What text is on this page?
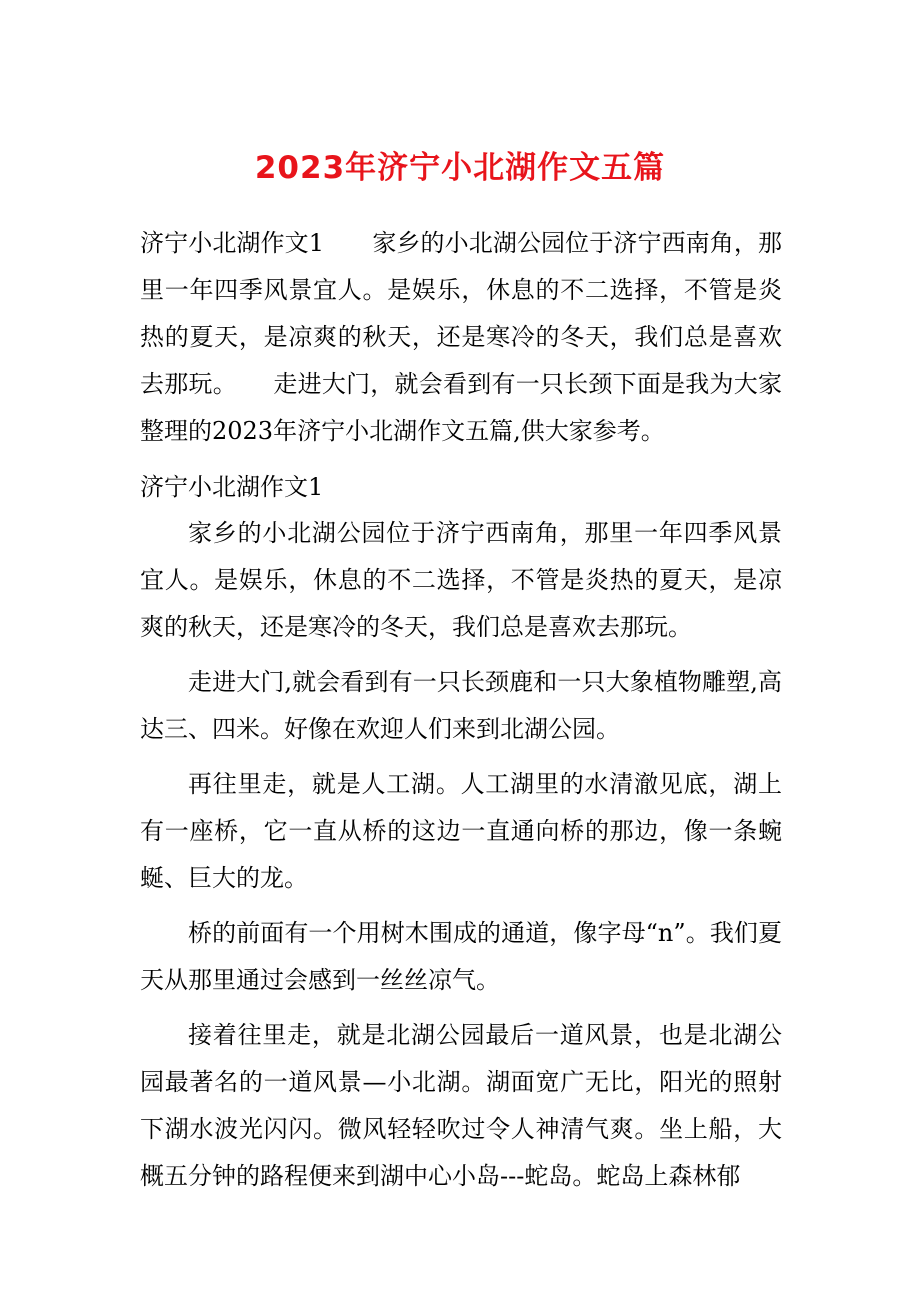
2023年济宁小北湖作文五篇
济宁小北湖作文1　　家乡的小北湖公园位于济宁西南角，那里一年四季风景宜人。是娱乐，休息的不二选择，不管是炎热的夏天，是凉爽的秋天，还是寒冷的冬天，我们总是喜欢去那玩。　　走进大门，就会看到有一只长颈下面是我为大家整理的2023年济宁小北湖作文五篇,供大家参考。
济宁小北湖作文1

家乡的小北湖公园位于济宁西南角，那里一年四季风景宜人。是娱乐，休息的不二选择，不管是炎热的夏天，是凉爽的秋天，还是寒冷的冬天，我们总是喜欢去那玩。

走进大门,就会看到有一只长颈鹿和一只大象植物雕塑,高达三、四米。好像在欢迎人们来到北湖公园。

再往里走，就是人工湖。人工湖里的水清澈见底，湖上有一座桥，它一直从桥的这边一直通向桥的那边，像一条蜿蜒、巨大的龙。

桥的前面有一个用树木围成的通道，像字母“n”。我们夏天从那里通过会感到一丝丝凉气。

接着往里走，就是北湖公园最后一道风景，也是北湖公园最著名的一道风景—小北湖。湖面宽广无比，阳光的照射下湖水波光闪闪。微风轻轻吹过令人神清气爽。坐上船，大概五分钟的路程便来到湖中心小岛---蛇岛。蛇岛上森林郁
